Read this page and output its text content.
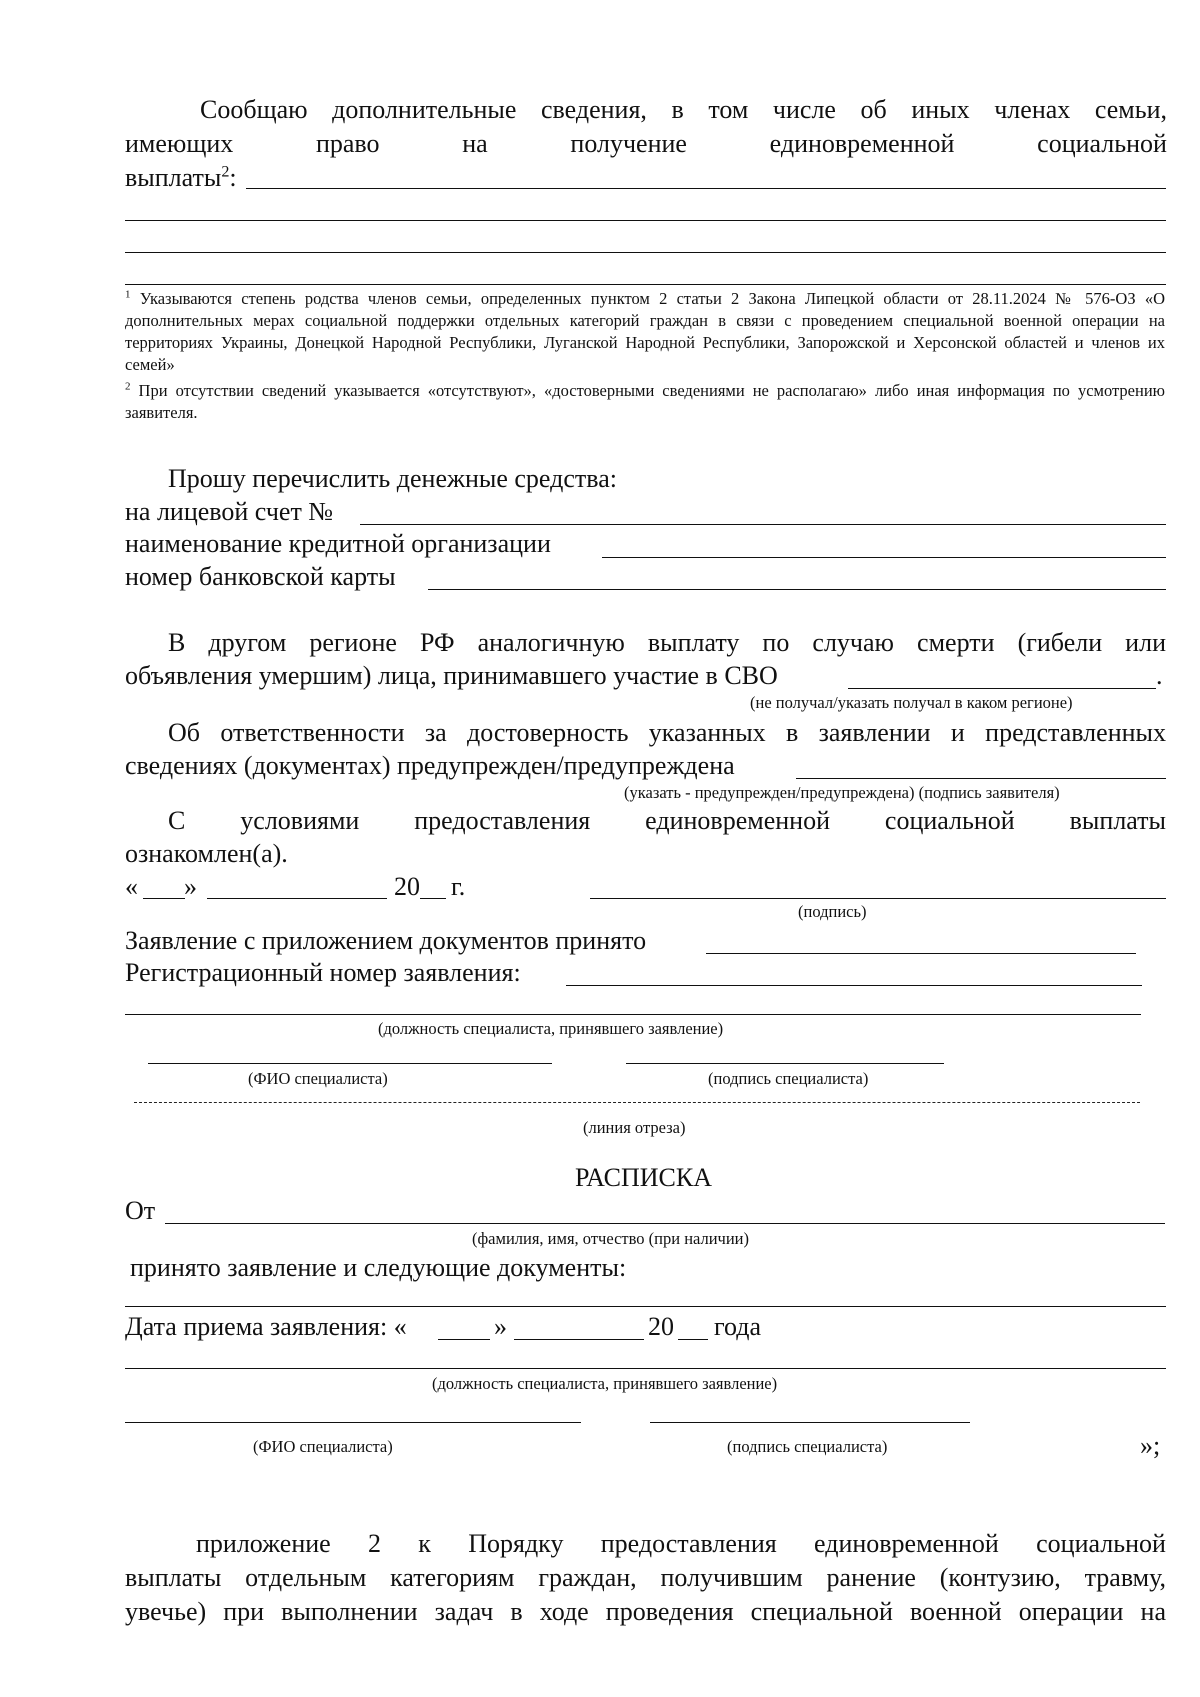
Сообщаю дополнительные сведения, в том числе об иных членах семьи,
имеющих	право	на	получение	единовременной	социальной
выплаты$^2$:
$^1$ Указываются степень родства членов семьи, определенных пунктом 2 статьи 2 Закона Липецкой области от 28.11.2024 № 576-ОЗ «О дополнительных мерах социальной поддержки отдельных категорий граждан в связи с проведением специальной военной операции на территориях Украины, Донецкой Народной Республики, Луганской Народной Республики, Запорожской и Херсонской областей и членов их семей»
$^2$ При отсутствии сведений указывается «отсутствуют», «достоверными сведениями не располагаю» либо иная информация по усмотрению заявителя.
Прошу перечислить денежные средства:
на лицевой счет №
наименование кредитной организации
номер банковской карты
В другом регионе РФ аналогичную выплату по случаю смерти (гибели или
объявления умершим) лица, принимавшего участие в СВО	.
(не получал/указать получал в каком регионе)
Об ответственности за достоверность указанных в заявлении и представленных
сведениях (документах) предупрежден/предупреждена
(указать - предупрежден/предупреждена) (подпись заявителя)
С условиями предоставления единовременной социальной выплаты
ознакомлен(а).
« »	20 г.
(подпись)
Заявление с приложением документов принято
Регистрационный номер заявления:
(должность специалиста, принявшего заявление)
(ФИО специалиста)	(подпись специалиста)
(линия отреза)
РАСПИСКА
От
(фамилия, имя, отчество (при наличии)
принято заявление и следующие документы:
Дата приема заявления: «	»	20 года
(должность специалиста, принявшего заявление)
(ФИО специалиста)	(подпись специалиста)	»;
приложение 2 к Порядку предоставления единовременной социальной
выплаты отдельным категориям граждан, получившим ранение (контузию, травму,
увечье) при выполнении задач в ходе проведения специальной военной операции на
